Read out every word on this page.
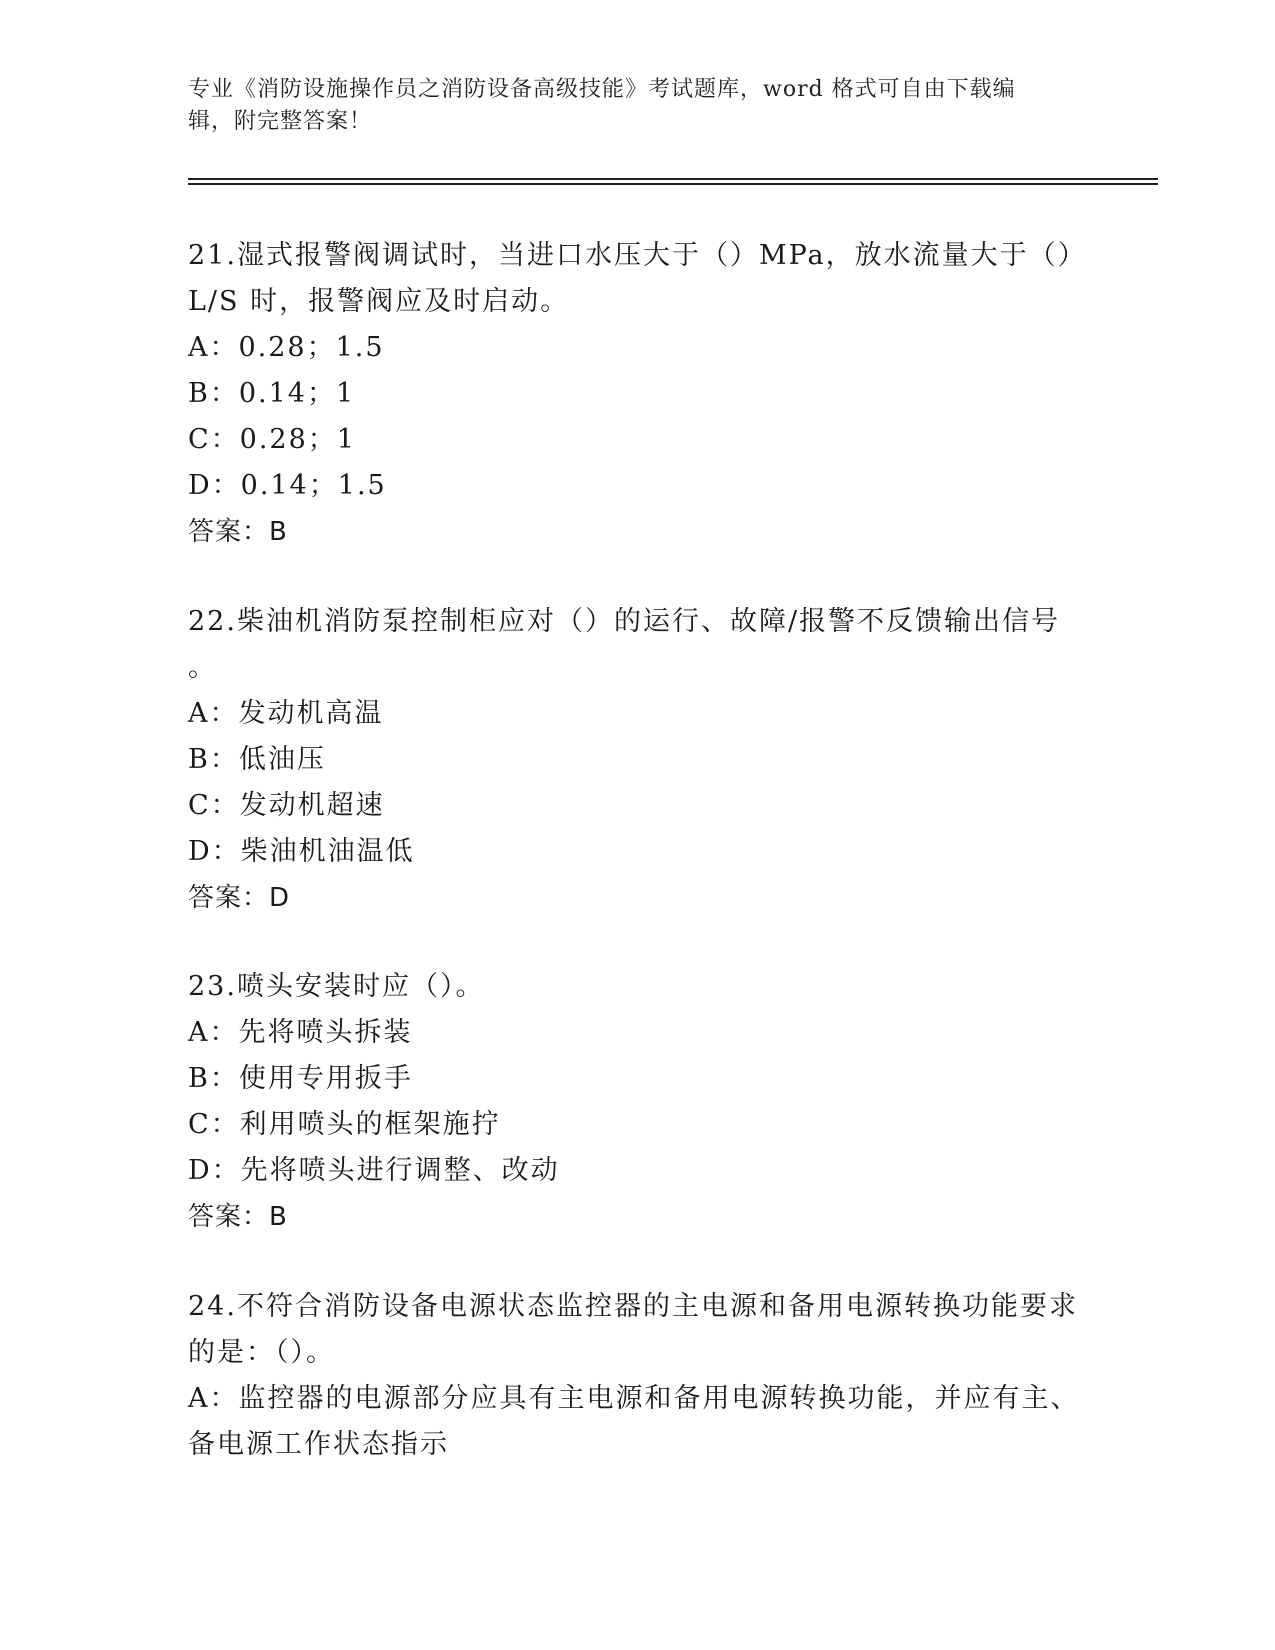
专业《消防设施操作员之消防设备高级技能》考试题库，word 格式可自由下载编
辑，附完整答案！

21.湿式报警阀调试时，当进口水压大于（）MPa，放水流量大于（）

L/S 时，报警阀应及时启动。

A：0.28；1.5

B：0.14；1

C：0.28；1

D：0.14；1.5

答案：B

22.柴油机消防泵控制柜应对（）的运行、故障/报警不反馈输出信号

。

A：发动机高温

B：低油压

C：发动机超速

D：柴油机油温低

答案：D

23.喷头安装时应（）。

A：先将喷头拆装

B：使用专用扳手

C：利用喷头的框架施拧

D：先将喷头进行调整、改动

答案：B

24.不符合消防设备电源状态监控器的主电源和备用电源转换功能要求

的是：（）。

A：监控器的电源部分应具有主电源和备用电源转换功能，并应有主、

备电源工作状态指示
